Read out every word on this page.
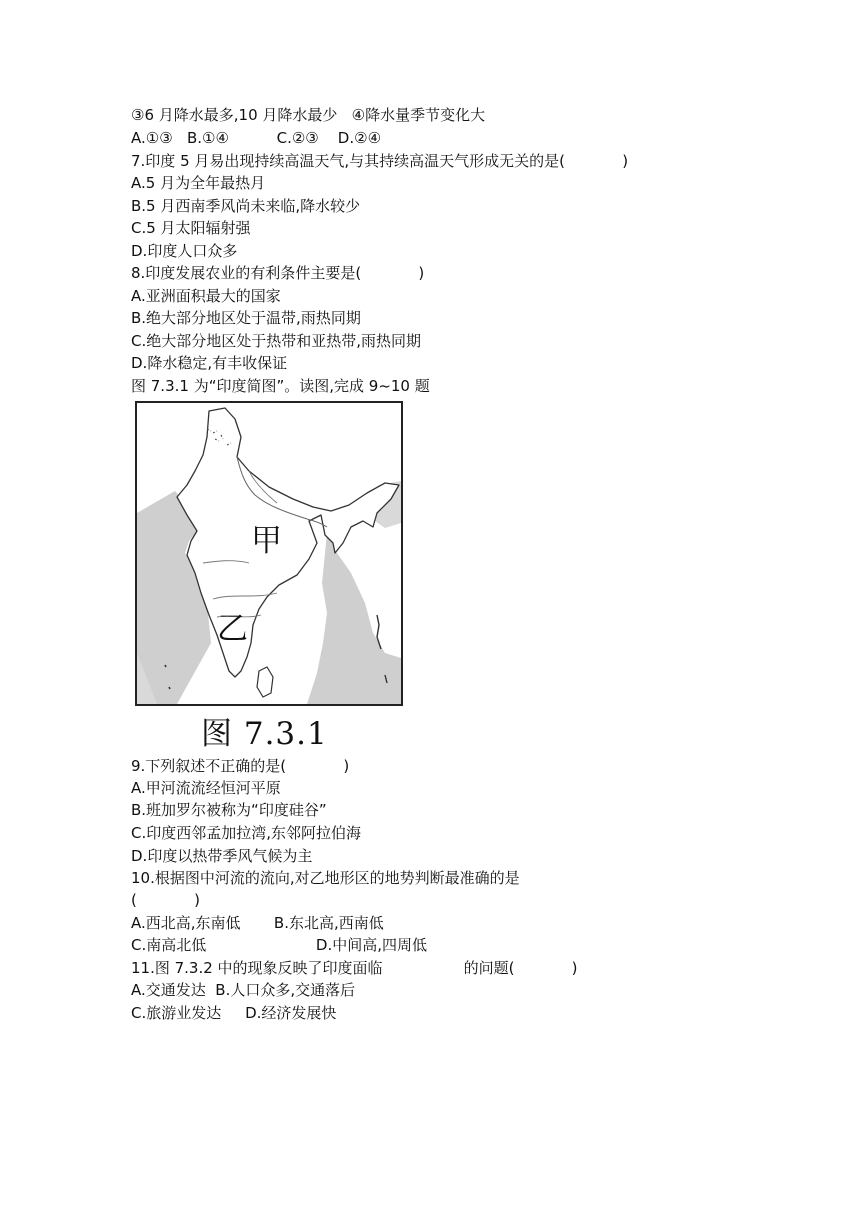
③6 月降水最多,10 月降水最少   ④降水量季节变化大
A.①③   B.①④          C.②③    D.②④
7.印度 5 月易出现持续高温天气,与其持续高温天气形成无关的是(            )
A.5 月为全年最热月
B.5 月西南季风尚未来临,降水较少
C.5 月太阳辐射强
D.印度人口众多
8.印度发展农业的有利条件主要是(            )
A.亚洲面积最大的国家
B.绝大部分地区处于温带,雨热同期
C.绝大部分地区处于热带和亚热带,雨热同期
D.降水稳定,有丰收保证
图 7.3.1 为“印度简图”。读图,完成 9~10 题
甲
乙
图 7.3.1
9.下列叙述不正确的是(            )
A.甲河流流经恒河平原
B.班加罗尔被称为“印度硅谷”
C.印度西邻孟加拉湾,东邻阿拉伯海
D.印度以热带季风气候为主
10.根据图中河流的流向,对乙地形区的地势判断最准确的是
(            )
A.西北高,东南低       B.东北高,西南低
C.南高北低                       D.中间高,四周低
11.图 7.3.2 中的现象反映了印度面临                 的问题(            )
A.交通发达  B.人口众多,交通落后
C.旅游业发达     D.经济发展快
